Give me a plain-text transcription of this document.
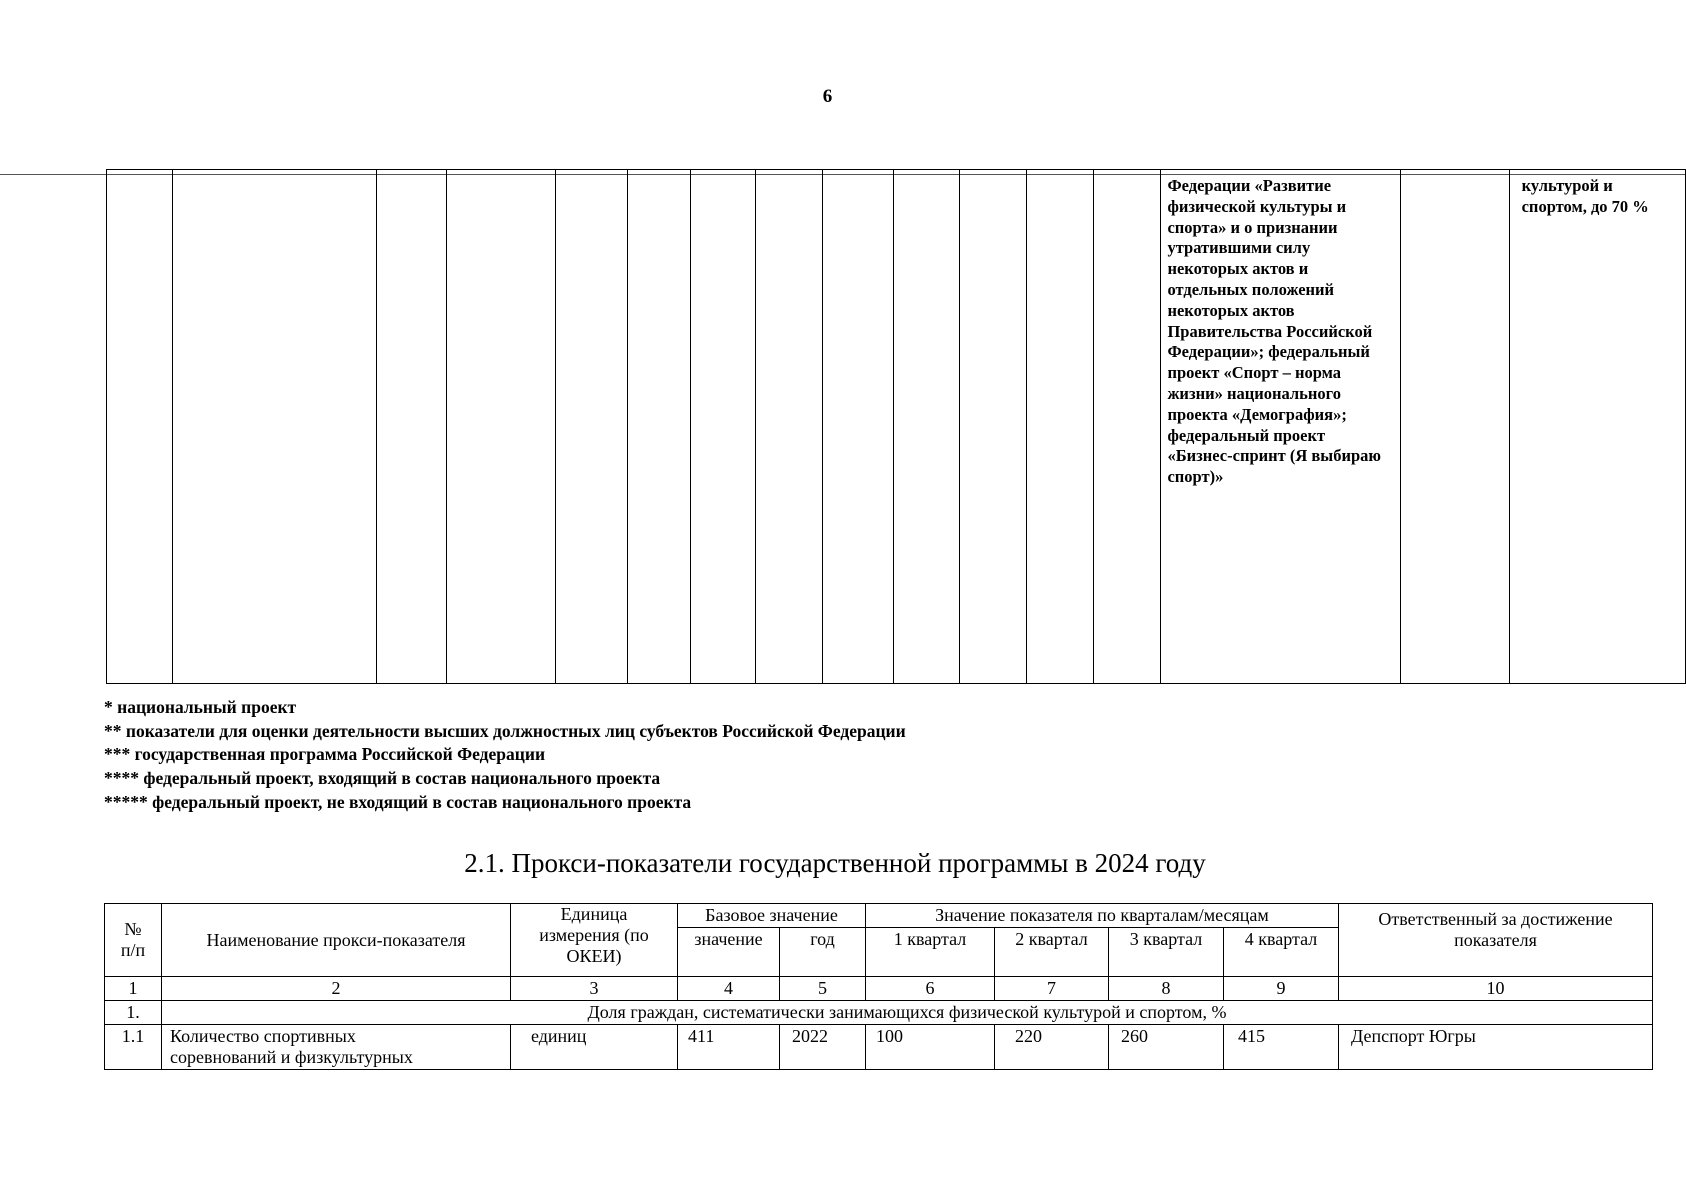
6
													Федерации «Развитие физической культуры и спорта» и о признании утратившими силу некоторых актов и отдельных положений некоторых актов Правительства Российской Федерации»; федеральный проект «Спорт – норма жизни» национального проекта «Демография»; федеральный проект «Бизнес-спринт (Я выбираю спорт)»		культурой и спортом, до 70 %
* национальный проект
** показатели для оценки деятельности высших должностных лиц субъектов Российской Федерации
*** государственная программа Российской Федерации
**** федеральный проект, входящий в состав национального проекта
***** федеральный проект, не входящий в состав национального проекта
2.1. Прокси-показатели государственной программы в 2024 году
№ п/п	Наименование прокси-показателя	Единица измерения (по ОКЕИ)	Базовое значение		Значение показателя по кварталам/месяцам				Ответственный за достижение показателя
			значение	год	1 квартал	2 квартал	3 квартал	4 квартал	
1	2	3	4	5	6	7	8	9	10
1.	Доля граждан, систематически занимающихся физической культурой и спортом, %								
1.1	Количество спортивных соревнований и физкультурных	единиц	411	2022	100	220	260	415	Депспорт Югры
